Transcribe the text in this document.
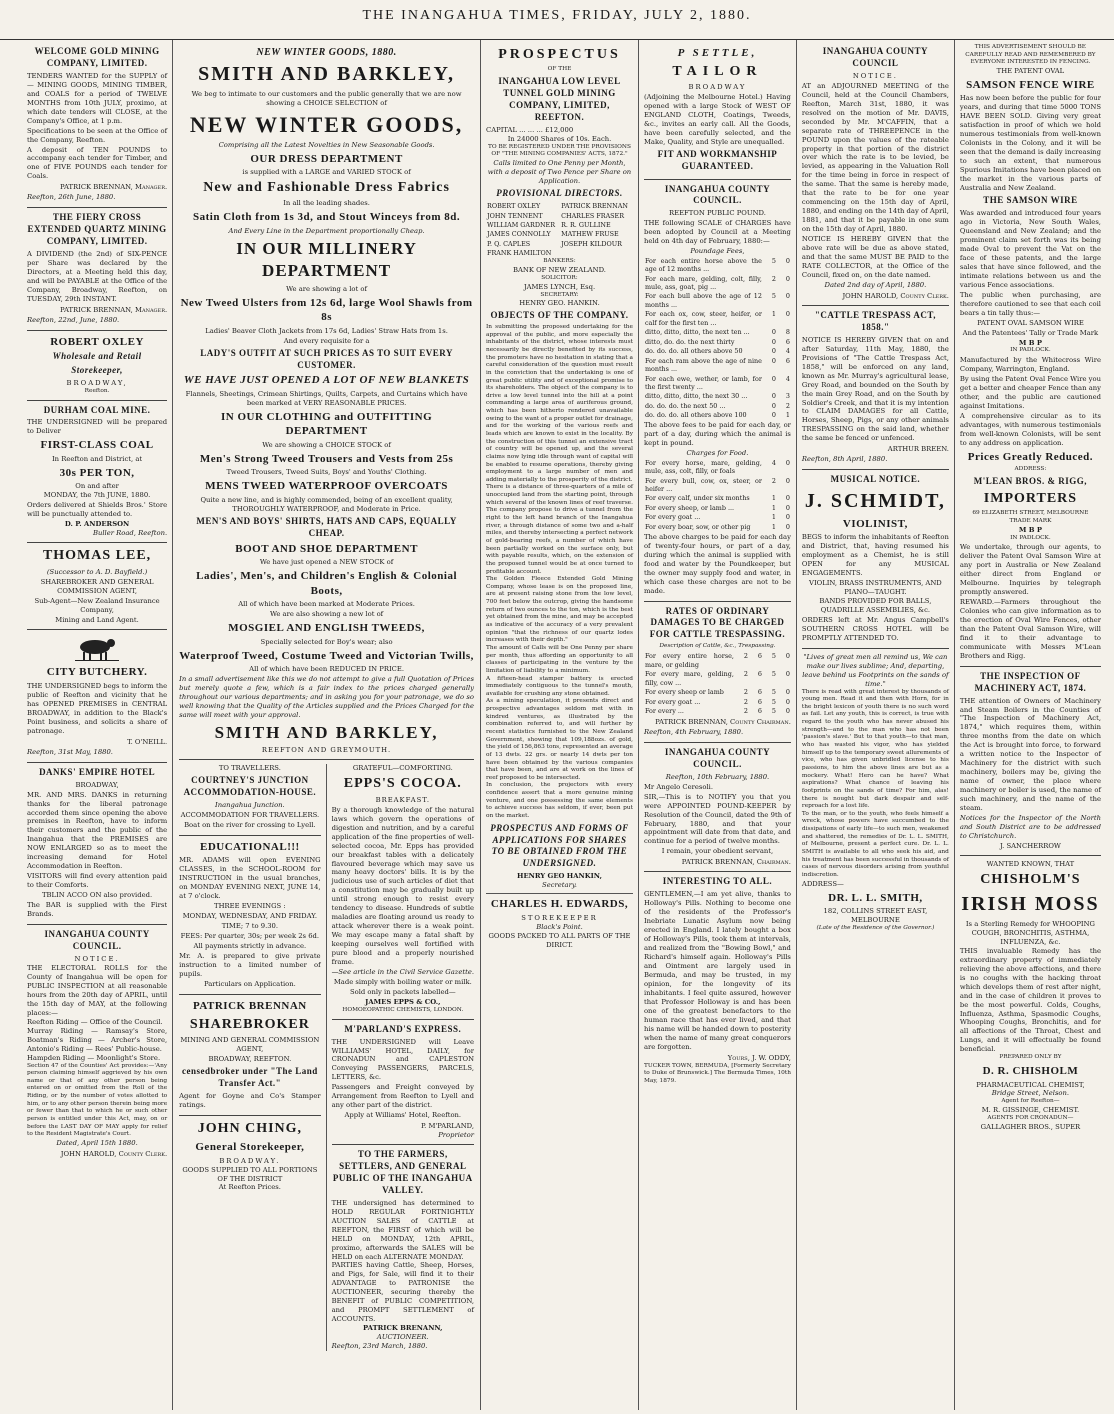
THE INANGAHUA TIMES, FRIDAY, JULY 2, 1880.
WELCOME GOLD MINING COMPANY, LIMITED.

TENDERS WANTED for the SUPPLY of— MINING GOODS, MINING TIMBER, and COALS for a period of TWELVE MONTHS from 10th JULY, proximo, at which date tenders will CLOSE, at the Company's Office, at 1 p.m.

Specifications to be seen at the Office of the Company, Reefton.

A deposit of TEN POUNDS to accompany each tender for Timber, and one of FIVE POUNDS each tender for Coals.

PATRICK BRENNAN, Manager.

Reefton, 26th June, 1880.

THE FIERY CROSS EXTENDED QUARTZ MINING COMPANY, LIMITED.

A DIVIDEND (the 2nd) of SIX-PENCE per Share was declared by the Directors, at a Meeting held this day, and will be PAYABLE at the Office of the Company, Broadway, Reefton, on TUESDAY, 29th INSTANT.

PATRICK BRENNAN, Manager.

Reefton, 22nd, June, 1880.

ROBERT OXLEY
Wholesale and Retail
Storekeeper,
BROADWAY,
Reefton.
DURHAM COAL MINE.

THE UNDERSIGNED will be prepared to Deliver

FIRST-CLASS COAL
In Reefton and District, at
30s PER TON,
On and after
MONDAY, the 7th JUNE, 1880.

Orders delivered at Shields Bros.' Store will be punctually attended to.

D. P. ANDERSON
Buller Road, Reefton.
THOMAS LEE,
(Successor to A. D. Bayfield.)

SHAREBROKER AND GENERAL COMMISSION AGENT,

Sub-Agent—New Zealand Insurance Company,

Mining and Land Agent.

CITY BUTCHERY.

THE UNDERSIGNED begs to inform the public of Reefton and vicinity that he has OPENED PREMISES in CENTRAL BROADWAY, in addition to the Black's Point business, and solicits a share of patronage.

T. O'NEILL.

Reefton, 31st May, 1880.

DANKS' EMPIRE HOTEL
BROADWAY,

MR. AND MRS. DANKS in returning thanks for the liberal patronage accorded them since opening the above premises in Reefton, have to inform their customers and the public of the Inangahua that the PREMISES are NOW ENLARGED so as to meet the increasing demand for Hotel Accommodation in Reefton.

VISITORS will find every attention paid to their Comforts.

TBLIN ACCO ON also provided.

The BAR is supplied with the First Brands.

INANGAHUA COUNTY COUNCIL.
NOTICE.

THE ELECTORAL ROLLS for the County of Inangahua will be open for PUBLIC INSPECTION at all reasonable hours from the 20th day of APRIL, until the 15th day of MAY, at the following places:—

Reefton Riding — Office of the Council.

Murray Riding — Ramsay's Store, Boatman's Riding — Archer's Store, Antonio's Riding — Rees' Public-house.

Hampden Riding — Moonlight's Store.

Section 47 of the Counties' Act provides:—'Any person claiming himself aggrieved by his own name or that of any other person being entered on or omitted from the Roll of the Riding, or by the number of votes allotted to him, or to any other person therein being more or fewer than that to which he or such other person is entitled under this Act, may, on or before the LAST DAY OF MAY apply for relief to the Resident Magistrate's Court.

Dated, April 15th 1880.

JOHN HAROLD, County Clerk.
NEW WINTER GOODS, 1880.
SMITH AND BARKLEY,

We beg to intimate to our customers and the public generally that we are now showing a CHOICE SELECTION of

NEW WINTER GOODS,

Comprising all the Latest Novelties in New Seasonable Goods.

OUR DRESS DEPARTMENT

is supplied with a LARGE and VARIED STOCK of

New and Fashionable Dress Fabrics

In all the leading shades.

Satin Cloth from 1s 3d, and Stout Winceys from 8d.

And Every Line in the Department proportionally Cheap.

IN OUR MILLINERY DEPARTMENT

We are showing a lot of

New Tweed Ulsters from 12s 6d, large Wool Shawls from 8s

Ladies' Beaver Cloth Jackets from 17s 6d, Ladies' Straw Hats from 1s.

And every requisite for a

LADY'S OUTFIT AT SUCH PRICES AS TO SUIT EVERY CUSTOMER.
WE HAVE JUST OPENED A LOT OF NEW BLANKETS

Flannels, Sheetings, Crimean Shirtings, Quilts, Carpets, and Curtains which have been marked at VERY REASONABLE PRICES.

IN OUR CLOTHING and OUTFITTING DEPARTMENT

We are showing a CHOICE STOCK of

Men's Strong Tweed Trousers and Vests from 25s

Tweed Trousers, Tweed Suits, Boys' and Youths' Clothing.

MENS TWEED WATERPROOF OVERCOATS

Quite a new line, and is highly commended, being of an excellent quality, THOROUGHLY WATERPROOF, and Moderate in Price.

MEN'S AND BOYS' SHIRTS, HATS AND CAPS, EQUALLY CHEAP.
BOOT AND SHOE DEPARTMENT

We have just opened a NEW STOCK of

Ladies', Men's, and Children's English & Colonial Boots,

All of which have been marked at Moderate Prices.

We are also showing a new lot of

MOSGIEL AND ENGLISH TWEEDS,

Specially selected for Boy's wear; also

Waterproof Tweed, Costume Tweed and Victorian Twills,

All of which have been REDUCED IN PRICE.

In a small advertisement like this we do not attempt to give a full Quotation of Prices but merely quote a few, which is a fair index to the prices charged generally throughout our various departments; and in asking you for your patronage, we do so well knowing that the Quality of the Articles supplied and the Prices Charged for the same will meet with your approval.

SMITH AND BARKLEY,
REEFTON AND GREYMOUTH.
TO TRAVELLERS.
COURTNEY'S JUNCTION ACCOMMODATION-HOUSE.

Inangahua Junction.

ACCOMMODATION FOR TRAVELLERS.

Boat on the river for crossing to Lyell.

EDUCATIONAL!!!

MR. ADAMS will open EVENING CLASSES, in the SCHOOL-ROOM for INSTRUCTION in the usual branches, on MONDAY EVENING NEXT, JUNE 14, at 7 o'clock.

THREE EVENINGS :

MONDAY, WEDNESDAY, AND FRIDAY.

TIME; 7 to 9.30.

FEES: Per quarter, 30s; per week 2s 6d.

All payments strictly in advance.

Mr. A. is prepared to give private instruction to a limited number of pupils.

Particulars on Application.

PATRICK BRENNAN
SHAREBROKER

MINING AND GENERAL COMMISSION AGENT,

BROADWAY, REEFTON.

censedbroker under "The Land Transfer Act."

Agent for Goyne and Co's Stamper ratings.

JOHN CHING,
General Storekeeper,
BROADWAY.

GOODS SUPPLIED TO ALL PORTIONS OF THE DISTRICT

At Reefton Prices.

GRATEFUL—COMFORTING.
EPPS'S COCOA.
BREAKFAST.

By a thorough knowledge of the natural laws which govern the operations of digestion and nutrition, and by a careful application of the fine properties of well-selected cocoa, Mr. Epps has provided our breakfast tables with a delicately flavoured beverage which may save us many heavy doctors' bills. It is by the judicious use of such articles of diet that a constitution may be gradually built up until strong enough to resist every tendency to disease. Hundreds of subtle maladies are floating around us ready to attack wherever there is a weak point. We may escape many a fatal shaft by keeping ourselves well fortified with pure blood and a properly nourished frame.

—See article in the Civil Service Gazette.

Made simply with boiling water or milk.

Sold only in packets labelled—

JAMES EPPS & CO.,
HOMOEOPATHIC CHEMISTS, LONDON.
M'PARLAND'S EXPRESS.

THE UNDERSIGNED will Leave WILLIAMS' HOTEL, DAILY, for CRONADUN and CAPLESTON Conveying PASSENGERS, PARCELS, LETTERS, &c.

Passengers and Freight conveyed by Arrangement from Reefton to Lyell and any other part of the district.

Apply at Williams' Hotel, Reefton.

P. M'PARLAND,
Proprietor
TO THE FARMERS, SETTLERS, AND GENERAL PUBLIC OF THE INANGAHUA VALLEY.

THE undersigned has determined to HOLD REGULAR FORTNIGHTLY AUCTION SALES of CATTLE at REEFTON, the FIRST of which will be HELD on MONDAY, 12th APRIL, proximo, afterwards the SALES will be HELD on each ALTERNATE MONDAY.

PARTIES having Cattle, Sheep, Horses, and Pigs, for Sale, will find it to their ADVANTAGE to PATRONISE the AUCTIONEER, securing thereby the BENEFIT of PUBLIC COMPETITION, and PROMPT SETTLEMENT of ACCOUNTS.

PATRICK BRENANN,
AUCTIONEER.

Reefton, 23rd March, 1880.

PROSPECTUS
OF THE
INANGAHUA LOW LEVEL TUNNEL GOLD MINING COMPANY, LIMITED, REEFTON.

CAPITAL ... ... ... £12,000

In 24000 Shares of 10s. Each.

TO BE REGISTERED UNDER THE PROVISIONS OF "THE MINING COMPANIES' ACTS, 1872."

Calls limited to One Penny per Month, with a deposit of Two Pence per Share on Application.

PROVISIONAL DIRECTORS.
ROBERT OXLEY	PATRICK BRENNAN
JOHN TENNENT	CHARLES FRASER
WILLIAM GARDNER	R. R. GULLINE
JAMES CONNOLLY	MATHEW FRUSE
P. Q. CAPLES	JOSEPH KILDOUR
FRANK HAMILTON	
BANKERS:
BANK OF NEW ZEALAND.
SOLICITOR:
JAMES LYNCH, Esq.
SECRETARY:
HENRY GEO. HANKIN.
OBJECTS OF THE COMPANY.

In submitting the proposed undertaking for the approval of the public, and more especially the inhabitants of the district, whose interests must necessarily be directly benefited by its success, the promoters have no hesitation in stating that a careful consideration of the question must result in the conviction that the undertaking is one of great public utility and of exceptional promise to its shareholders. The object of the company is to drive a low level tunnel into the hill at a point commanding a large area of auriferous ground, which has been hitherto rendered unavailable owing to the want of a proper outlet for drainage, and for the working of the various reefs and leads which are known to exist in the locality. By the construction of this tunnel an extensive tract of country will be opened up, and the several claims now lying idle through want of capital will be enabled to resume operations, thereby giving employment to a large number of men and adding materially to the prosperity of the district.

There is a distance of three-quarters of a mile of unoccupied land from the starting point, through which several of the known lines of reef traverse. The company propose to drive a tunnel from the right to the left hand branch of the Inangahua river, a through distance of some two and a-half miles, and thereby intersecting a perfect network of gold-bearing reefs, a number of which have been partially worked on the surface only, but with payable results, which, on the extension of the proposed tunnel would be at once turned to profitable account.

The Golden Fleece Extended Gold Mining Company, whose lease is on the proposed line, are at present raising stone from the low level, 700 feet below the outcrop, giving the handsome return of two ounces to the ton, which is the best yet obtained from the mine, and may be accepted as indicative of the accuracy of a very prevalent opinion "that the richness of our quartz lodes increases with their depth."

The amount of Calls will be One Penny per share per month, thus affording an opportunity to all classes of participating in the venture by the limitation of liability to a minimum.

A fifteen-head stamper battery is erected immediately contiguous to the tunnel's mouth, available for crushing any stone obtained.

As a mining speculation, it presents direct and prospective advantages seldom met with in kindred ventures, as illustrated by the combination referred to, and will further by recent statistics furnished to the New Zealand Government, showing that 109,188ozs. of gold, the yield of 156,863 tons, represented an average of 13 dwts. 22 grs. or nearly 14 dwts per ton have been obtained by the various companies that have been, and are at work on the lines of reef proposed to be intersected.

In conclusion, the projectors with every confidence assert that a more genuine mining venture, and one possessing the same elements to achieve success has seldom, if ever, been put on the market.

PROSPECTUS AND FORMS OF APPLICATIONS FOR SHARES TO BE OBTAINED FROM THE UNDERSIGNED.
HENRY GEO HANKIN,
Secretary.
CHARLES H. EDWARDS,
STOREKEEPER
Black's Point.

GOODS PACKED TO ALL PARTS OF THE DIRICT.

P SETTLE,
TAILOR
BROADWAY

(Adjoining the Melbourne Hotel.) Having opened with a large Stock of WEST OF ENGLAND CLOTH, Coatings, Tweeds, &c., invites an early call. All the Goods, have been carefully selected, and the Make, Quality, and Style are unequalled.

FIT AND WORKMANSHIP GUARANTEED.
INANGAHUA COUNTY COUNCIL.
REEFTON PUBLIC POUND.

THE following SCALE of CHARGES have been adopted by Council at a Meeting held on 4th day of February, 1880:—

Poundage Fees,
For each entire horse above the age of 12 months ...	5	0
For each mare, gelding, colt, filly, mule, ass, goat, pig ...	2	0
For each bull above the age of 12 months ...	5	0
For each ox, cow, steer, heifer, or calf for the first ten ...	1	0
ditto, ditto, ditto, the next ten ...	0	8
ditto, do. do. the next thirty	0	6
do. do. do. all others above 50	0	4
For each ram above the age of nine months ...	0	6
For each ewe, wether, or lamb, for the first twenty ...	0	4
ditto, ditto, ditto, the next 30 ...	0	3
do. do. do. the next 50 ...	0	2
do. do. do. all others above 100	0	1

The above fees to be paid for each day, or part of a day, during which the animal is kept in pound.

Charges for Food.
For every horse, mare, gelding, mule, ass, colt, filly, or foals	4	0
For every bull, cow, ox, steer, or heifer ...	2	0
For every calf, under six months	1	0
For every sheep, or lamb ...	1	0
For every goat ...	1	0
For every boar, sow, or other pig	1	0

The above charges to be paid for each day of twenty-four hours, or part of a day, during which the animal is supplied with food and water by the Poundkeeper, but the owner may supply food and water, in which case these charges are not to be made.

RATES OF ORDINARY DAMAGES TO BE CHARGED FOR CATTLE TRESPASSING.

Description of Cattle, &c., Trespassing.

For every entire horse, mare, or gelding	2	6	5	0
For every mare, gelding, filly, cow ...	2	6	5	0
For every sheep or lamb	2	6	5	0
For every goat ...	2	6	5	0
For every ...	2	6	5	0
PATRICK BRENNAN, County Chairman.

Reefton, 4th February, 1880.

INANGAHUA COUNTY COUNCIL.

Reefton, 10th February, 1880.

Mr Angelo Ceresoli.

SIR,—This is to NOTIFY you that you were APPOINTED POUND-KEEPER by Resolution of the Council, dated the 9th of February, 1880, and that your appointment will date from that date, and continue for a period of twelve months.

I remain, your obedient servant,

PATRICK BRENNAN, Chairman.
INTERESTING TO ALL.

GENTLEMEN,—I am yet alive, thanks to Holloway's Pills. Nothing to become one of the residents of the Professor's Inebriate Lunatic Asylum now being erected in England. I lately bought a box of Holloway's Pills, took them at intervals, and realized from the "Bowing Bowl," and Richard's himself again. Holloway's Pills and Ointment are largely used in Bermuda, and may be trusted, in my opinion, for the longevity of its inhabitants. I feel quite assured, however that Professor Holloway is and has been one of the greatest benefactors to the human race that has ever lived, and that his name will be handed down to posterity when the name of many great conquerors are forgotten.

Yours, J. W. ODDY,

TUCKER TOWN, BERMUDA, [Formerly Secretary to Duke of Brunswick.] The Bermuda Times, 10th May, 1879.

INANGAHUA COUNTY COUNCIL
NOTICE.

AT an ADJOURNED MEETING of the Council, held at the Council Chambers, Reefton, March 31st, 1880, it was resolved on the motion of Mr. DAVIS, seconded by Mr. M'CAFFIN, that a separate rate of THREEPENCE in the POUND upon the values of the rateable property in that portion of the district over which the rate is to be levied, be levied, as appearing in the Valuation Roll for the time being in force in respect of the same. That the same is hereby made, that the rate to be for one year commencing on the 15th day of April, 1880, and ending on the 14th day of April, 1881, and that it be payable in one sum on the 15th day of April, 1880.

NOTICE IS HEREBY GIVEN that the above rate will be due as above stated, and that the same MUST BE PAID to the RATE COLLECTOR, at the Office of the Council, fixed on, on the date named.

Dated 2nd day of April, 1880.

JOHN HAROLD, County Clerk.
"CATTLE TRESPASS ACT, 1858."

NOTICE IS HEREBY GIVEN that on and after Saturday, 11th May, 1880, the Provisions of "The Cattle Trespass Act, 1858," will be enforced on any land, known as Mr. Murray's agricultural lease, Grey Road, and bounded on the South by the main Grey Road, and on the South by Soldier's Creek, and that it is my intention to CLAIM DAMAGES for all Cattle, Horses, Sheep, Pigs, or any other animals TRESPASSING on the said land, whether the same be fenced or unfenced.

ARTHUR BREEN.

Reefton, 8th April, 1880.

MUSICAL NOTICE.
J. SCHMIDT,
VIOLINIST,

BEGS to inform the inhabitants of Reefton and District, that, having resumed his employment as a Chemist, he is still OPEN for any MUSICAL ENGAGEMENTS.

VIOLIN, BRASS INSTRUMENTS, AND PIANO—TAUGHT.
BANDS PROVIDED FOR BALLS, QUADRILLE ASSEMBLIES, &c.

ORDERS left at Mr. Angus Campbell's SOUTHERN CROSS HOTEL will be PROMPTLY ATTENDED TO.

"Lives of great men all remind us, We can make our lives sublime; And, departing, leave behind us Footprints on the sands of time."

There is read with great interest by thousands of young men. Read it and then with Horn, for in the bright lexicon of youth there is no such word as fail. Let any youth, this is correct, is true with regard to the youth who has never abused his strength—and to the man who has not been 'passion's slave.' But to that youth—to that man, who has wasted his vigor, who has yielded himself up to the temporary sweet allurements of vice, who has given unbridled license to his passions, to him the above lines are but as a mockery. What! Hero can he have? What aspirations? What chance of leaving his footprints on the sands of time? For him, alas! there is nought but dark despair and self-reproach for a lost life.

To the man, or to the youth, who feels himself a wreck, whose powers have succumbed to the dissipations of early life—to such men, weakened and shattered, the remedies of Dr. L. L. SMITH, of Melbourne, present a perfect cure. Dr. L. L. SMITH is available to all who seek his aid, and his treatment has been successful in thousands of cases of nervous disorders arising from youthful indiscretion.

ADDRESS—

DR. L. L. SMITH,
182, COLLINS STREET EAST, MELBOURNE
(Late of the Residence of the Governor.)
THIS ADVERTISEMENT SHOULD BE CAREFULLY READ AND REMEMBERED BY EVERYONE INTERESTED IN FENCING.
THE PATENT OVAL
SAMSON FENCE WIRE

Has now been before the public for four years, and during that time 5000 TONS HAVE BEEN SOLD. Giving very great satisfaction in proof of which we hold numerous testimonials from well-known Colonists in the Colony, and it will be seen that the demand is daily increasing to such an extent, that numerous Spurious Imitations have been placed on the market in the various parts of Australia and New Zealand.

THE SAMSON WIRE

Was awarded and introduced four years ago in Victoria, New South Wales, Queensland and New Zealand; and the prominent claim set forth was its being made Oval to prevent the Vat on the face of these patents, and the large sales that have since followed, and the intimate relations between us and the various Fence associations.

The public when purchasing, are therefore cautioned to see that each coil bears a tin tally thus:—

PATENT OVAL SAMSON WIRE

And the Patentees' Tally or Trade Mark

M B P
IN PADLOCK.

Manufactured by the Whitecross Wire Company, Warrington, England.

By using the Patent Oval Fence Wire you get a better and cheaper Fence than any other, and the public are cautioned against Imitations.

A comprehensive circular as to its advantages, with numerous testimonials from well-known Colonists, will be sent to any address on application.

Prices Greatly Reduced.
ADDRESS:
M'LEAN BROS. & RIGG,
IMPORTERS
69 ELIZABETH STREET, MELBOURNE
TRADE MARK
M B P
IN PADLOCK.

We undertake, through our agents, to deliver the Patent Oval Samson Wire at any port in Australia or New Zealand either direct from England or Melbourne. Inquiries by telegraph promptly answered.

REWARD.—Farmers throughout the Colonies who can give information as to the erection of Oval Wire Fences, other than the Patent Oval Samson Wire, will find it to their advantage to communicate with Messrs M'Lean Brothers and Rigg.

THE INSPECTION OF MACHINERY ACT, 1874.

THE attention of Owners of Machinery and Steam Boilers in the Counties of "The Inspection of Machinery Act, 1874," which requires them, within three months from the date on which the Act is brought into force, to forward a written notice to the Inspector of Machinery for the district with such machinery, boilers may be, giving the name of owner, the place where machinery or boiler is used, the name of such machinery, and the name of the steam.

Notices for the Inspector of the North and South District are to be addressed to Christchurch.

J. SANCHERROW
WANTED KNOWN, THAT
CHISHOLM'S
IRISH MOSS

Is a Sterling Remedy for WHOOPING COUGH, BRONCHITIS, ASTHMA, INFLUENZA, &c.

THIS invaluable Remedy has the extraordinary property of immediately relieving the above affections, and there is no coughs with the hacking throat which develops them of rest after night, and in the case of children it proves to be the most powerful. Colds, Coughs, Influenza, Asthma, Spasmodic Coughs, Whooping Coughs, Bronchitis, and for all affections of the Throat, Chest and Lungs, and it will effectually be found beneficial.

PREPARED ONLY BY
D. R. CHISHOLM
PHARMACEUTICAL CHEMIST,
Bridge Street, Nelson.
Agent for Reefton—
M. R. GISSINGE, CHEMIST.
AGENTS FOR CRONADUN—
GALLAGHER BROS., SUPER
